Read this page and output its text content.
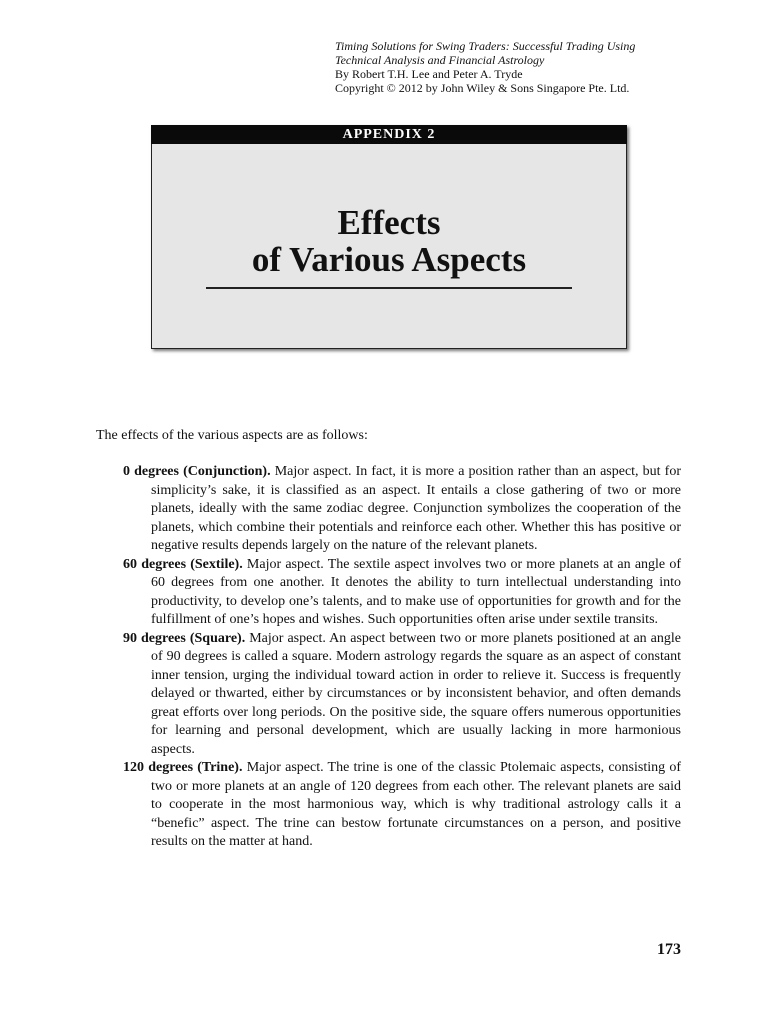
Timing Solutions for Swing Traders: Successful Trading Using
Technical Analysis and Financial Astrology
By Robert T.H. Lee and Peter A. Tryde
Copyright © 2012 by John Wiley & Sons Singapore Pte. Ltd.
APPENDIX 2
Effects
of Various Aspects
The effects of the various aspects are as follows:

0 degrees (Conjunction). Major aspect. In fact, it is more a position rather than an aspect, but for simplicity’s sake, it is classified as an aspect. It entails a close gathering of two or more planets, ideally with the same zodiac degree. Conjunction symbolizes the cooperation of the planets, which combine their potentials and reinforce each other. Whether this has positive or negative results depends largely on the nature of the relevant planets.

60 degrees (Sextile). Major aspect. The sextile aspect involves two or more planets at an angle of 60 degrees from one another. It denotes the ability to turn intellectual understanding into productivity, to develop one’s talents, and to make use of opportunities for growth and for the fulfillment of one’s hopes and wishes. Such opportunities often arise under sextile transits.

90 degrees (Square). Major aspect. An aspect between two or more planets positioned at an angle of 90 degrees is called a square. Modern astrology regards the square as an aspect of constant inner tension, urging the individual toward action in order to relieve it. Success is frequently delayed or thwarted, either by circumstances or by inconsistent behavior, and often demands great efforts over long periods. On the positive side, the square offers numerous opportunities for learning and personal development, which are usually lacking in more harmonious aspects.

120 degrees (Trine). Major aspect. The trine is one of the classic Ptolemaic aspects, consisting of two or more planets at an angle of 120 degrees from each other. The relevant planets are said to cooperate in the most harmonious way, which is why traditional astrology calls it a “benefic” aspect. The trine can bestow fortunate circumstances on a person, and positive results on the matter at hand.

173
